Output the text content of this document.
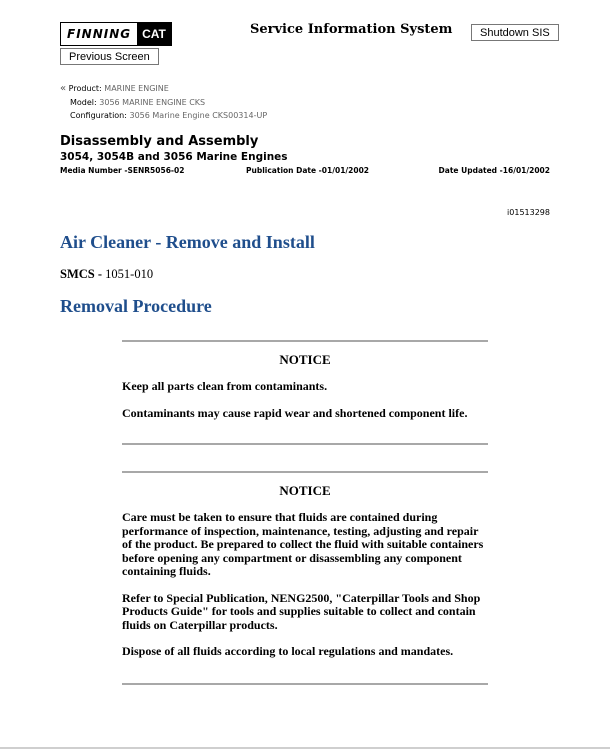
FINNING CAT	Service Information System	Shutdown SIS
Previous Screen
« Product: MARINE ENGINE
Model: 3056 MARINE ENGINE CKS
Configuration: 3056 Marine Engine CKS00314-UP
Disassembly and Assembly
3054, 3054B and 3056 Marine Engines
Media Number -SENR5056-02	Publication Date -01/01/2002	Date Updated -16/01/2002
i01513298
Air Cleaner - Remove and Install
SMCS - 1051-010
Removal Procedure
NOTICE

Keep all parts clean from contaminants.

Contaminants may cause rapid wear and shortened component life.

NOTICE

Care must be taken to ensure that fluids are contained during performance of inspection, maintenance, testing, adjusting and repair of the product. Be prepared to collect the fluid with suitable containers before opening any compartment or disassembling any component containing fluids.

Refer to Special Publication, NENG2500, "Caterpillar Tools and Shop Products Guide" for tools and supplies suitable to collect and contain fluids on Caterpillar products.

Dispose of all fluids according to local regulations and mandates.
